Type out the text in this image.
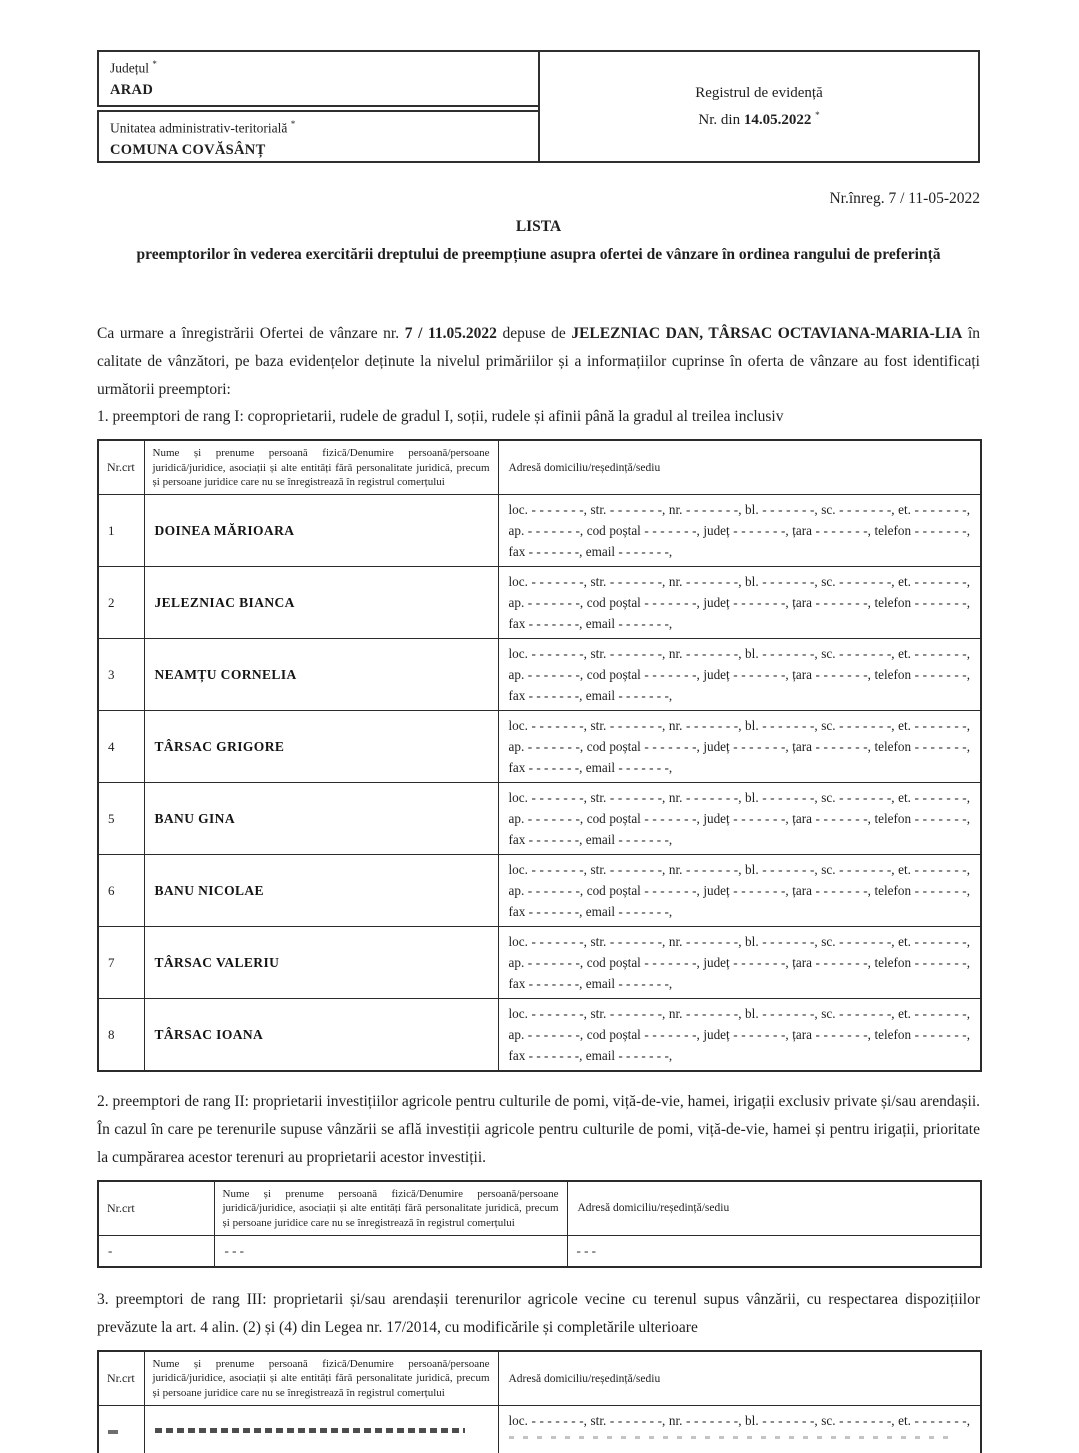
Județul *
ARAD
Unitatea administrativ-teritorială *
COMUNA COVĂSÂNȚ
Registrul de evidență
Nr. din 14.05.2022 *
Nr.înreg. 7 / 11-05-2022
LISTA
preemptorilor în vederea exercitării dreptului de preempțiune asupra ofertei de vânzare în ordinea rangului de preferință
Ca urmare a înregistrării Ofertei de vânzare nr. 7 / 11.05.2022 depuse de JELEZNIAC DAN, TÂRSAC OCTAVIANA-MARIA-LIA în calitate de vânzători, pe baza evidențelor deținute la nivelul primăriilor și a informațiilor cuprinse în oferta de vânzare au fost identificați următorii preemptori:
1. preemptori de rang I: coproprietarii, rudele de gradul I, soții, rudele și afinii până la gradul al treilea inclusiv
Nr.crt	Nume și prenume persoană fizică/Denumire persoană/persoane juridică/juridice, asociații și alte entități fără personalitate juridică, precum și persoane juridice care nu se înregistrează în registrul comerțului	Adresă domiciliu/reședință/sediu
1	DOINEA MĂRIOARA	loc. - - - - - - -, str. - - - - - - -, nr. - - - - - - -, bl. - - - - - - -, sc. - - - - - - -, et. - - - - - - -,
ap. - - - - - - -, cod poștal - - - - - - -, județ - - - - - - -, țara - - - - - - -, telefon - - - - - - -,
fax - - - - - - -, email - - - - - - -,

2	JELEZNIAC BIANCA	loc. - - - - - - -, str. - - - - - - -, nr. - - - - - - -, bl. - - - - - - -, sc. - - - - - - -, et. - - - - - - -,
ap. - - - - - - -, cod poștal - - - - - - -, județ - - - - - - -, țara - - - - - - -, telefon - - - - - - -,
fax - - - - - - -, email - - - - - - -,

3	NEAMȚU CORNELIA	loc. - - - - - - -, str. - - - - - - -, nr. - - - - - - -, bl. - - - - - - -, sc. - - - - - - -, et. - - - - - - -,
ap. - - - - - - -, cod poștal - - - - - - -, județ - - - - - - -, țara - - - - - - -, telefon - - - - - - -,
fax - - - - - - -, email - - - - - - -,

4	TÂRSAC GRIGORE	loc. - - - - - - -, str. - - - - - - -, nr. - - - - - - -, bl. - - - - - - -, sc. - - - - - - -, et. - - - - - - -,
ap. - - - - - - -, cod poștal - - - - - - -, județ - - - - - - -, țara - - - - - - -, telefon - - - - - - -,
fax - - - - - - -, email - - - - - - -,

5	BANU GINA	loc. - - - - - - -, str. - - - - - - -, nr. - - - - - - -, bl. - - - - - - -, sc. - - - - - - -, et. - - - - - - -,
ap. - - - - - - -, cod poștal - - - - - - -, județ - - - - - - -, țara - - - - - - -, telefon - - - - - - -,
fax - - - - - - -, email - - - - - - -,

6	BANU NICOLAE	loc. - - - - - - -, str. - - - - - - -, nr. - - - - - - -, bl. - - - - - - -, sc. - - - - - - -, et. - - - - - - -,
ap. - - - - - - -, cod poștal - - - - - - -, județ - - - - - - -, țara - - - - - - -, telefon - - - - - - -,
fax - - - - - - -, email - - - - - - -,

7	TÂRSAC VALERIU	loc. - - - - - - -, str. - - - - - - -, nr. - - - - - - -, bl. - - - - - - -, sc. - - - - - - -, et. - - - - - - -,
ap. - - - - - - -, cod poștal - - - - - - -, județ - - - - - - -, țara - - - - - - -, telefon - - - - - - -,
fax - - - - - - -, email - - - - - - -,

8	TÂRSAC IOANA	loc. - - - - - - -, str. - - - - - - -, nr. - - - - - - -, bl. - - - - - - -, sc. - - - - - - -, et. - - - - - - -,
ap. - - - - - - -, cod poștal - - - - - - -, județ - - - - - - -, țara - - - - - - -, telefon - - - - - - -,
fax - - - - - - -, email - - - - - - -,
2. preemptori de rang II: proprietarii investițiilor agricole pentru culturile de pomi, viță-de-vie, hamei, irigații exclusiv private și/sau arendașii. În cazul în care pe terenurile supuse vânzării se află investiții agricole pentru culturile de pomi, viță-de-vie, hamei și pentru irigații, prioritate la cumpărarea acestor terenuri au proprietarii acestor investiții.
Nr.crt	Nume și prenume persoană fizică/Denumire persoană/persoane juridică/juridice, asociații și alte entități fără personalitate juridică, precum și persoane juridice care nu se înregistrează în registrul comerțului	Adresă domiciliu/reședință/sediu
-	- - -	- - -
3. preemptori de rang III: proprietarii și/sau arendașii terenurilor agricole vecine cu terenul supus vânzării, cu respectarea dispozițiilor prevăzute la art. 4 alin. (2) și (4) din Legea nr. 17/2014, cu modificările și completările ulterioare
Nr.crt	Nume și prenume persoană fizică/Denumire persoană/persoane juridică/juridice, asociații și alte entități fără personalitate juridică, precum și persoane juridice care nu se înregistrează în registrul comerțului	Adresă domiciliu/reședință/sediu

		loc. - - - - - - -, str. - - - - - - -, nr. - - - - - - -, bl. - - - - - - -, sc. - - - - - - -, et. - - - - - - -,
